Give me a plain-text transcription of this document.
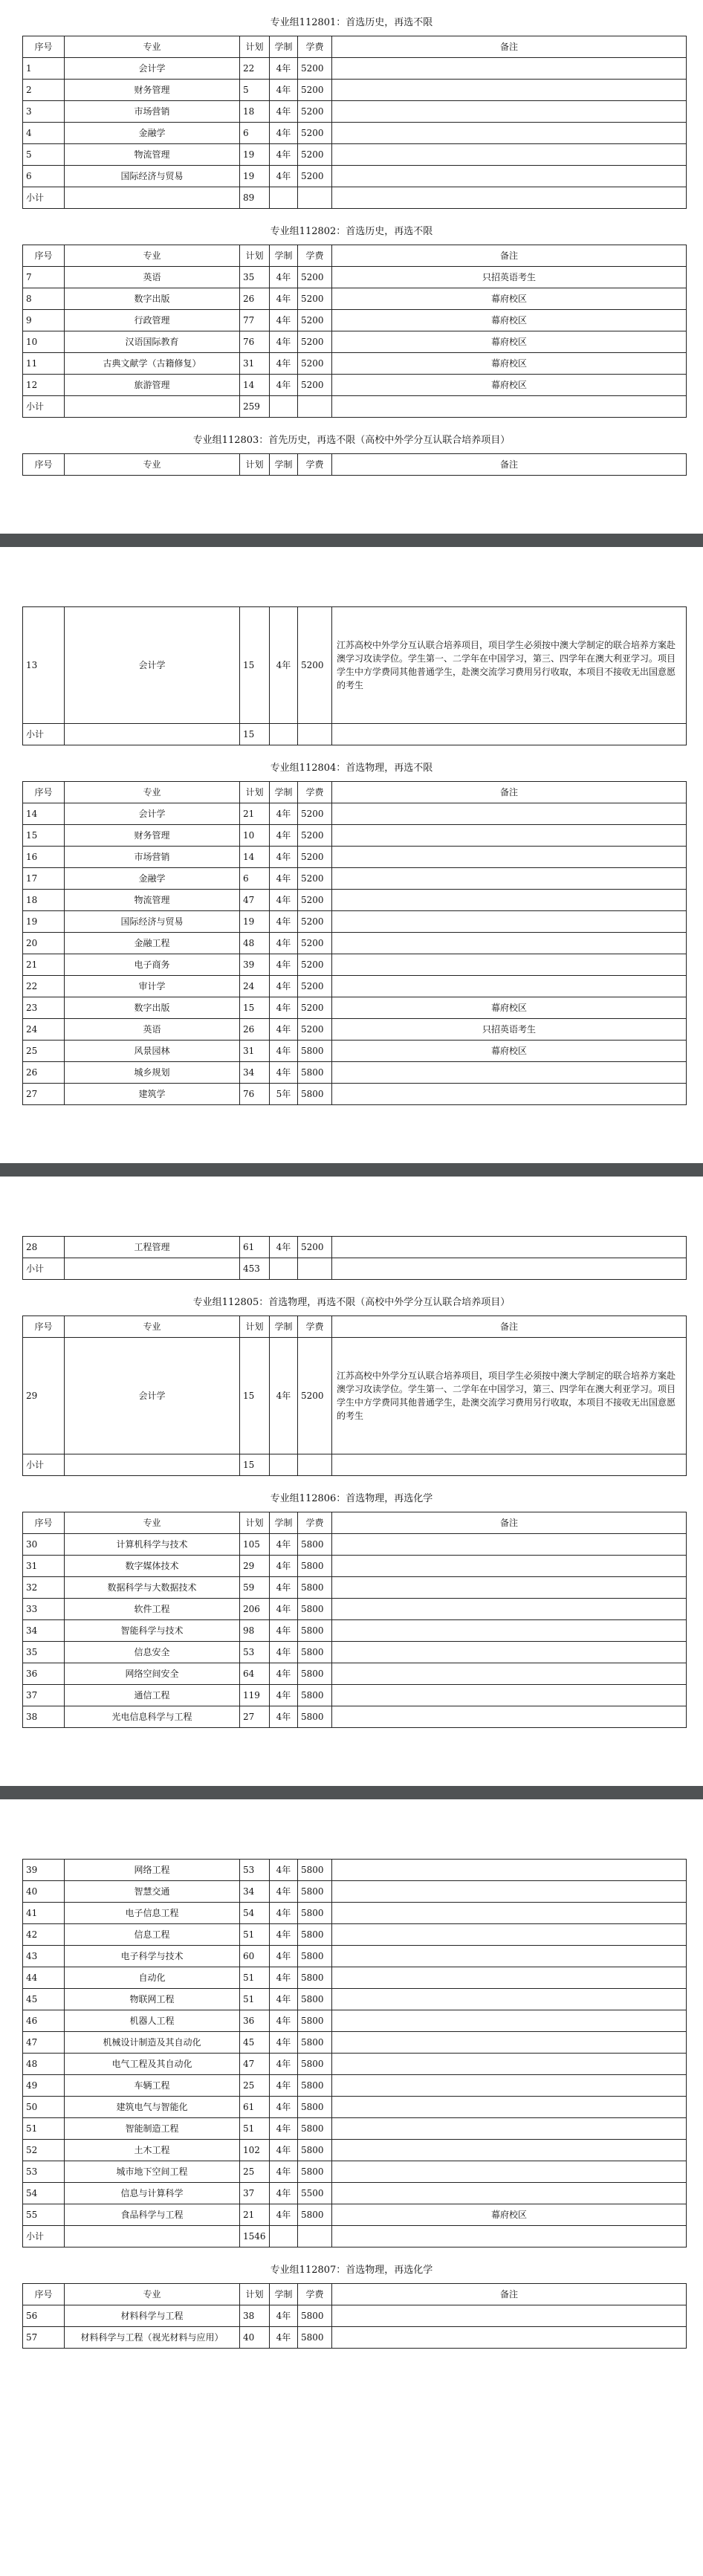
专业组112801：首选历史，再选不限
序号	专业	计划	学制	学费	备注
1	会计学	22	4年	5200	
2	财务管理	5	4年	5200	
3	市场营销	18	4年	5200	
4	金融学	6	4年	5200	
5	物流管理	19	4年	5200	
6	国际经济与贸易	19	4年	5200	
小计		89			
专业组112802：首选历史，再选不限
序号	专业	计划	学制	学费	备注
7	英语	35	4年	5200	只招英语考生
8	数字出版	26	4年	5200	幕府校区
9	行政管理	77	4年	5200	幕府校区
10	汉语国际教育	76	4年	5200	幕府校区
11	古典文献学（古籍修复）	31	4年	5200	幕府校区
12	旅游管理	14	4年	5200	幕府校区
小计		259			
专业组112803：首先历史，再选不限（高校中外学分互认联合培养项目）
序号	专业	计划	学制	学费	备注
13	会计学	15	4年	5200	江苏高校中外学分互认联合培养项目，项目学生必须按中澳大学制定的联合培养方案赴澳学习攻读学位。学生第一、二学年在中国学习，第三、四学年在澳大利亚学习。项目学生中方学费同其他普通学生，赴澳交流学习费用另行收取，本项目不接收无出国意愿的考生
小计		15			
专业组112804：首选物理，再选不限
序号	专业	计划	学制	学费	备注
14	会计学	21	4年	5200	
15	财务管理	10	4年	5200	
16	市场营销	14	4年	5200	
17	金融学	6	4年	5200	
18	物流管理	47	4年	5200	
19	国际经济与贸易	19	4年	5200	
20	金融工程	48	4年	5200	
21	电子商务	39	4年	5200	
22	审计学	24	4年	5200	
23	数字出版	15	4年	5200	幕府校区
24	英语	26	4年	5200	只招英语考生
25	风景园林	31	4年	5800	幕府校区
26	城乡规划	34	4年	5800	
27	建筑学	76	5年	5800	
28	工程管理	61	4年	5200	
小计		453			
专业组112805：首选物理，再选不限（高校中外学分互认联合培养项目）
序号	专业	计划	学制	学费	备注
29	会计学	15	4年	5200	江苏高校中外学分互认联合培养项目，项目学生必须按中澳大学制定的联合培养方案赴澳学习攻读学位。学生第一、二学年在中国学习，第三、四学年在澳大利亚学习。项目学生中方学费同其他普通学生，赴澳交流学习费用另行收取，本项目不接收无出国意愿的考生
小计		15			
专业组112806：首选物理，再选化学
序号	专业	计划	学制	学费	备注
30	计算机科学与技术	105	4年	5800	
31	数字媒体技术	29	4年	5800	
32	数据科学与大数据技术	59	4年	5800	
33	软件工程	206	4年	5800	
34	智能科学与技术	98	4年	5800	
35	信息安全	53	4年	5800	
36	网络空间安全	64	4年	5800	
37	通信工程	119	4年	5800	
38	光电信息科学与工程	27	4年	5800	
39	网络工程	53	4年	5800	
40	智慧交通	34	4年	5800	
41	电子信息工程	54	4年	5800	
42	信息工程	51	4年	5800	
43	电子科学与技术	60	4年	5800	
44	自动化	51	4年	5800	
45	物联网工程	51	4年	5800	
46	机器人工程	36	4年	5800	
47	机械设计制造及其自动化	45	4年	5800	
48	电气工程及其自动化	47	4年	5800	
49	车辆工程	25	4年	5800	
50	建筑电气与智能化	61	4年	5800	
51	智能制造工程	51	4年	5800	
52	土木工程	102	4年	5800	
53	城市地下空间工程	25	4年	5800	
54	信息与计算科学	37	4年	5500	
55	食品科学与工程	21	4年	5800	幕府校区
小计		1546			
专业组112807：首选物理，再选化学
序号	专业	计划	学制	学费	备注
56	材料科学与工程	38	4年	5800	
57	材料科学与工程（视光材料与应用）	40	4年	5800	
